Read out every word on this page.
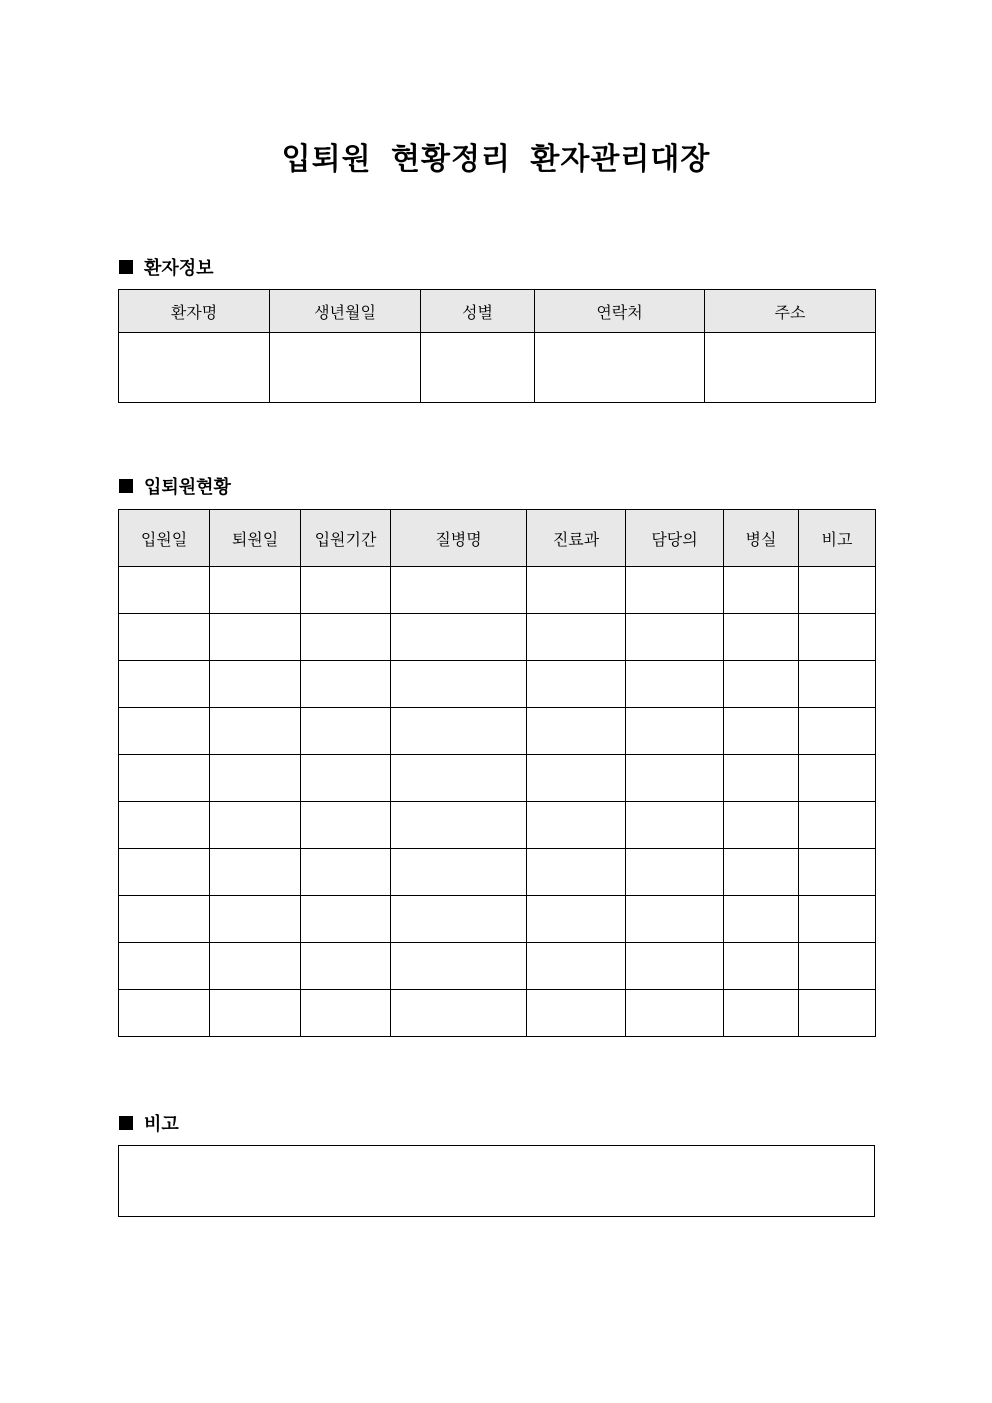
입퇴원 현황정리 환자관리대장
환자정보
환자명	생년월일	성별	연락처	주소

입퇴원현황
입원일	퇴원일	입원기간	질병명	진료과	담당의	병실	비고

비고
